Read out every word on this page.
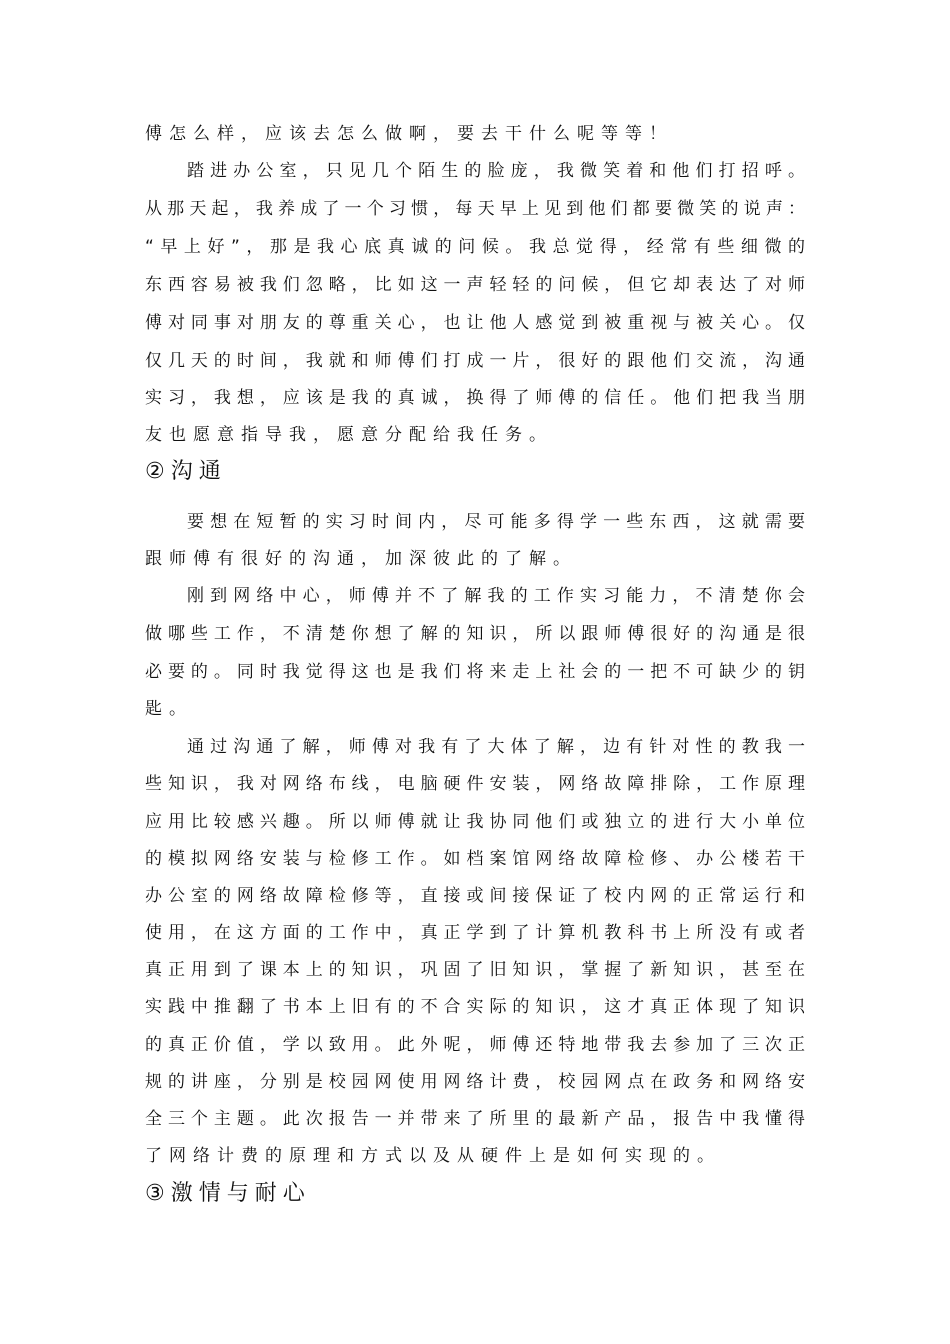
傅怎么样，应该去怎么做啊，要去干什么呢等等！
踏进办公室，只见几个陌生的脸庞，我微笑着和他们打招呼。
从那天起，我养成了一个习惯，每天早上见到他们都要微笑的说声：
“早上好”，那是我心底真诚的问候。我总觉得，经常有些细微的
东西容易被我们忽略，比如这一声轻轻的问候，但它却表达了对师
傅对同事对朋友的尊重关心，也让他人感觉到被重视与被关心。仅
仅几天的时间，我就和师傅们打成一片，很好的跟他们交流，沟通
实习，我想，应该是我的真诚，换得了师傅的信任。他们把我当朋
友也愿意指导我，愿意分配给我任务。
②沟通
要想在短暂的实习时间内，尽可能多得学一些东西，这就需要
跟师傅有很好的沟通，加深彼此的了解。
刚到网络中心，师傅并不了解我的工作实习能力，不清楚你会
做哪些工作，不清楚你想了解的知识，所以跟师傅很好的沟通是很
必要的。同时我觉得这也是我们将来走上社会的一把不可缺少的钥
匙。
通过沟通了解，师傅对我有了大体了解，边有针对性的教我一
些知识，我对网络布线，电脑硬件安装，网络故障排除，工作原理
应用比较感兴趣。所以师傅就让我协同他们或独立的进行大小单位
的模拟网络安装与检修工作。如档案馆网络故障检修、办公楼若干
办公室的网络故障检修等，直接或间接保证了校内网的正常运行和
使用，在这方面的工作中，真正学到了计算机教科书上所没有或者
真正用到了课本上的知识，巩固了旧知识，掌握了新知识，甚至在
实践中推翻了书本上旧有的不合实际的知识，这才真正体现了知识
的真正价值，学以致用。此外呢，师傅还特地带我去参加了三次正
规的讲座，分别是校园网使用网络计费，校园网点在政务和网络安
全三个主题。此次报告一并带来了所里的最新产品，报告中我懂得
了网络计费的原理和方式以及从硬件上是如何实现的。
③激情与耐心
